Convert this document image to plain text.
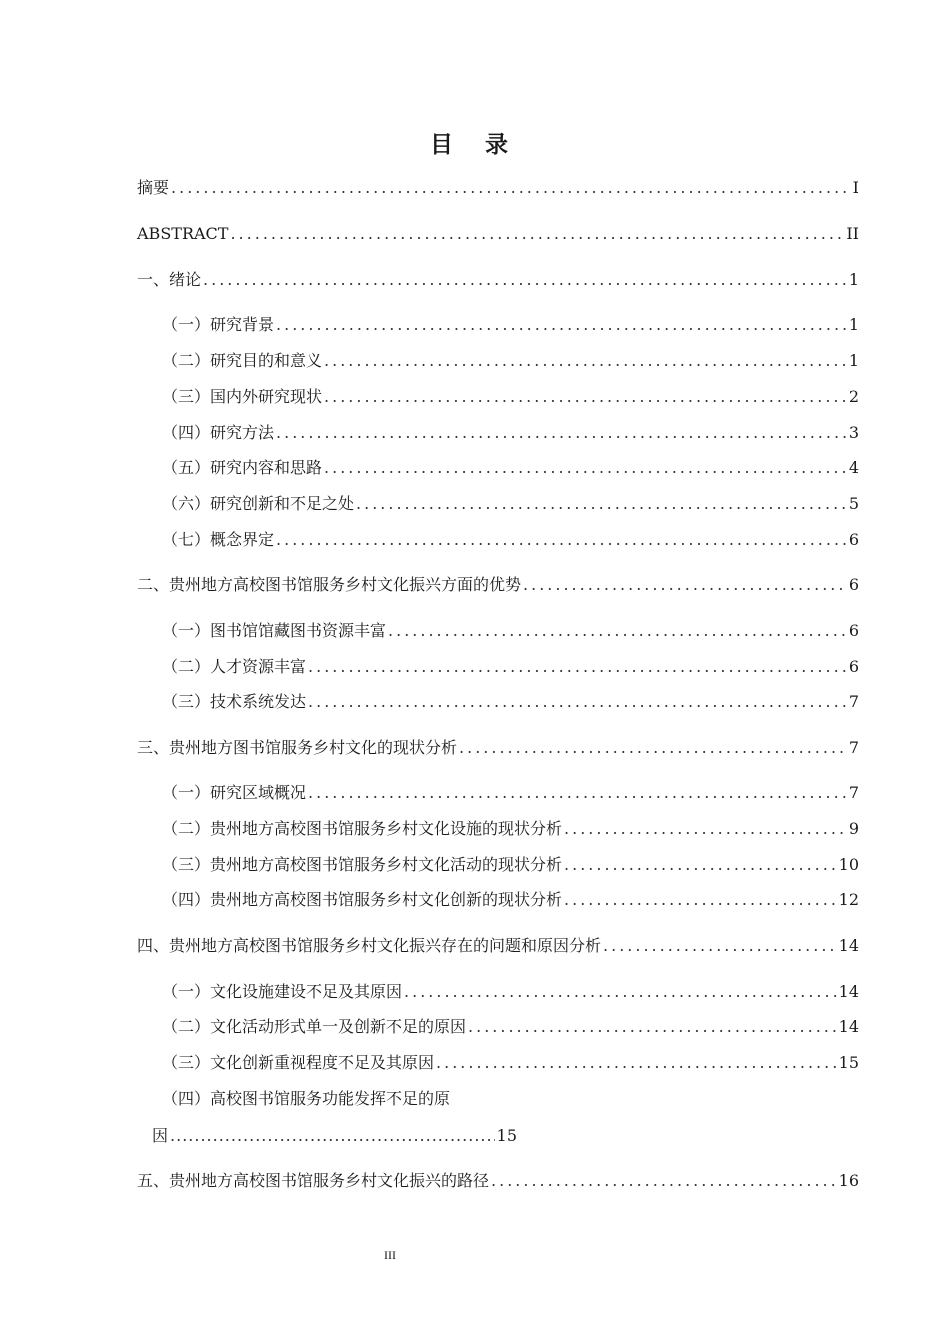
目 录
摘要 .....	I
ABSTRACT .....	II
一、绪论 .....	1
（一）研究背景 .....	1
（二）研究目的和意义 .....	1
（三）国内外研究现状 .....	2
（四）研究方法 .....	3
（五）研究内容和思路 .....	4
（六）研究创新和不足之处 .....	5
（七）概念界定 .....	6
二、贵州地方高校图书馆服务乡村文化振兴方面的优势 .....	6
（一）图书馆馆藏图书资源丰富 .....	6
（二）人才资源丰富 .....	6
（三）技术系统发达 .....	7
三、贵州地方图书馆服务乡村文化的现状分析 .....	7
（一）研究区域概况 .....	7
（二）贵州地方高校图书馆服务乡村文化设施的现状分析 .....	9
（三）贵州地方高校图书馆服务乡村文化活动的现状分析 .....	10
（四）贵州地方高校图书馆服务乡村文化创新的现状分析 .....	12
四、贵州地方高校图书馆服务乡村文化振兴存在的问题和原因分析 .....	14
（一）文化设施建设不足及其原因 .....	14
（二）文化活动形式单一及创新不足的原因 .....	14
（三）文化创新重视程度不足及其原因 .....	15
（四）高校图书馆服务功能发挥不足的原
因 .....	15
五、贵州地方高校图书馆服务乡村文化振兴的路径 .....	16
III
